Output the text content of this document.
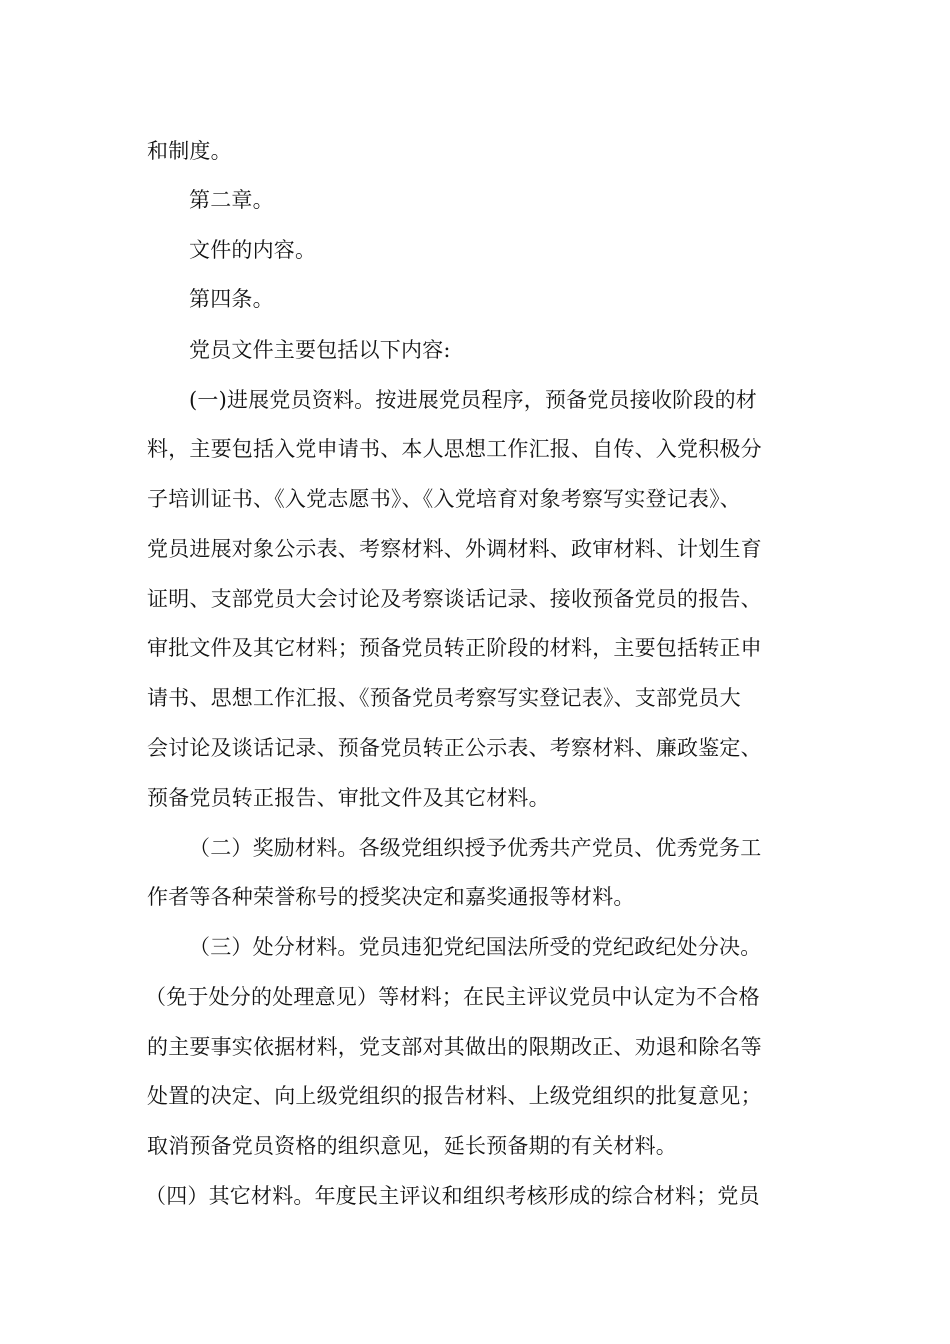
和制度。
第二章。
文件的内容。
第四条。
党员文件主要包括以下内容:
(一)进展党员资料。按进展党员程序，预备党员接收阶段的材
料，主要包括入党申请书、本人思想工作汇报、自传、入党积极分
子培训证书、《入党志愿书》、《入党培育对象考察写实登记表》、
党员进展对象公示表、考察材料、外调材料、政审材料、计划生育
证明、支部党员大会讨论及考察谈话记录、接收预备党员的报告、
审批文件及其它材料；预备党员转正阶段的材料，主要包括转正申
请书、思想工作汇报、《预备党员考察写实登记表》、支部党员大
会讨论及谈话记录、预备党员转正公示表、考察材料、廉政鉴定、
预备党员转正报告、审批文件及其它材料。
（二）奖励材料。各级党组织授予优秀共产党员、优秀党务工
作者等各种荣誉称号的授奖决定和嘉奖通报等材料。
（三）处分材料。党员违犯党纪国法所受的党纪政纪处分决。
（免于处分的处理意见）等材料；在民主评议党员中认定为不合格
的主要事实依据材料，党支部对其做出的限期改正、劝退和除名等
处置的决定、向上级党组织的报告材料、上级党组织的批复意见；
取消预备党员资格的组织意见，延长预备期的有关材料。
（四）其它材料。年度民主评议和组织考核形成的综合材料；党员
